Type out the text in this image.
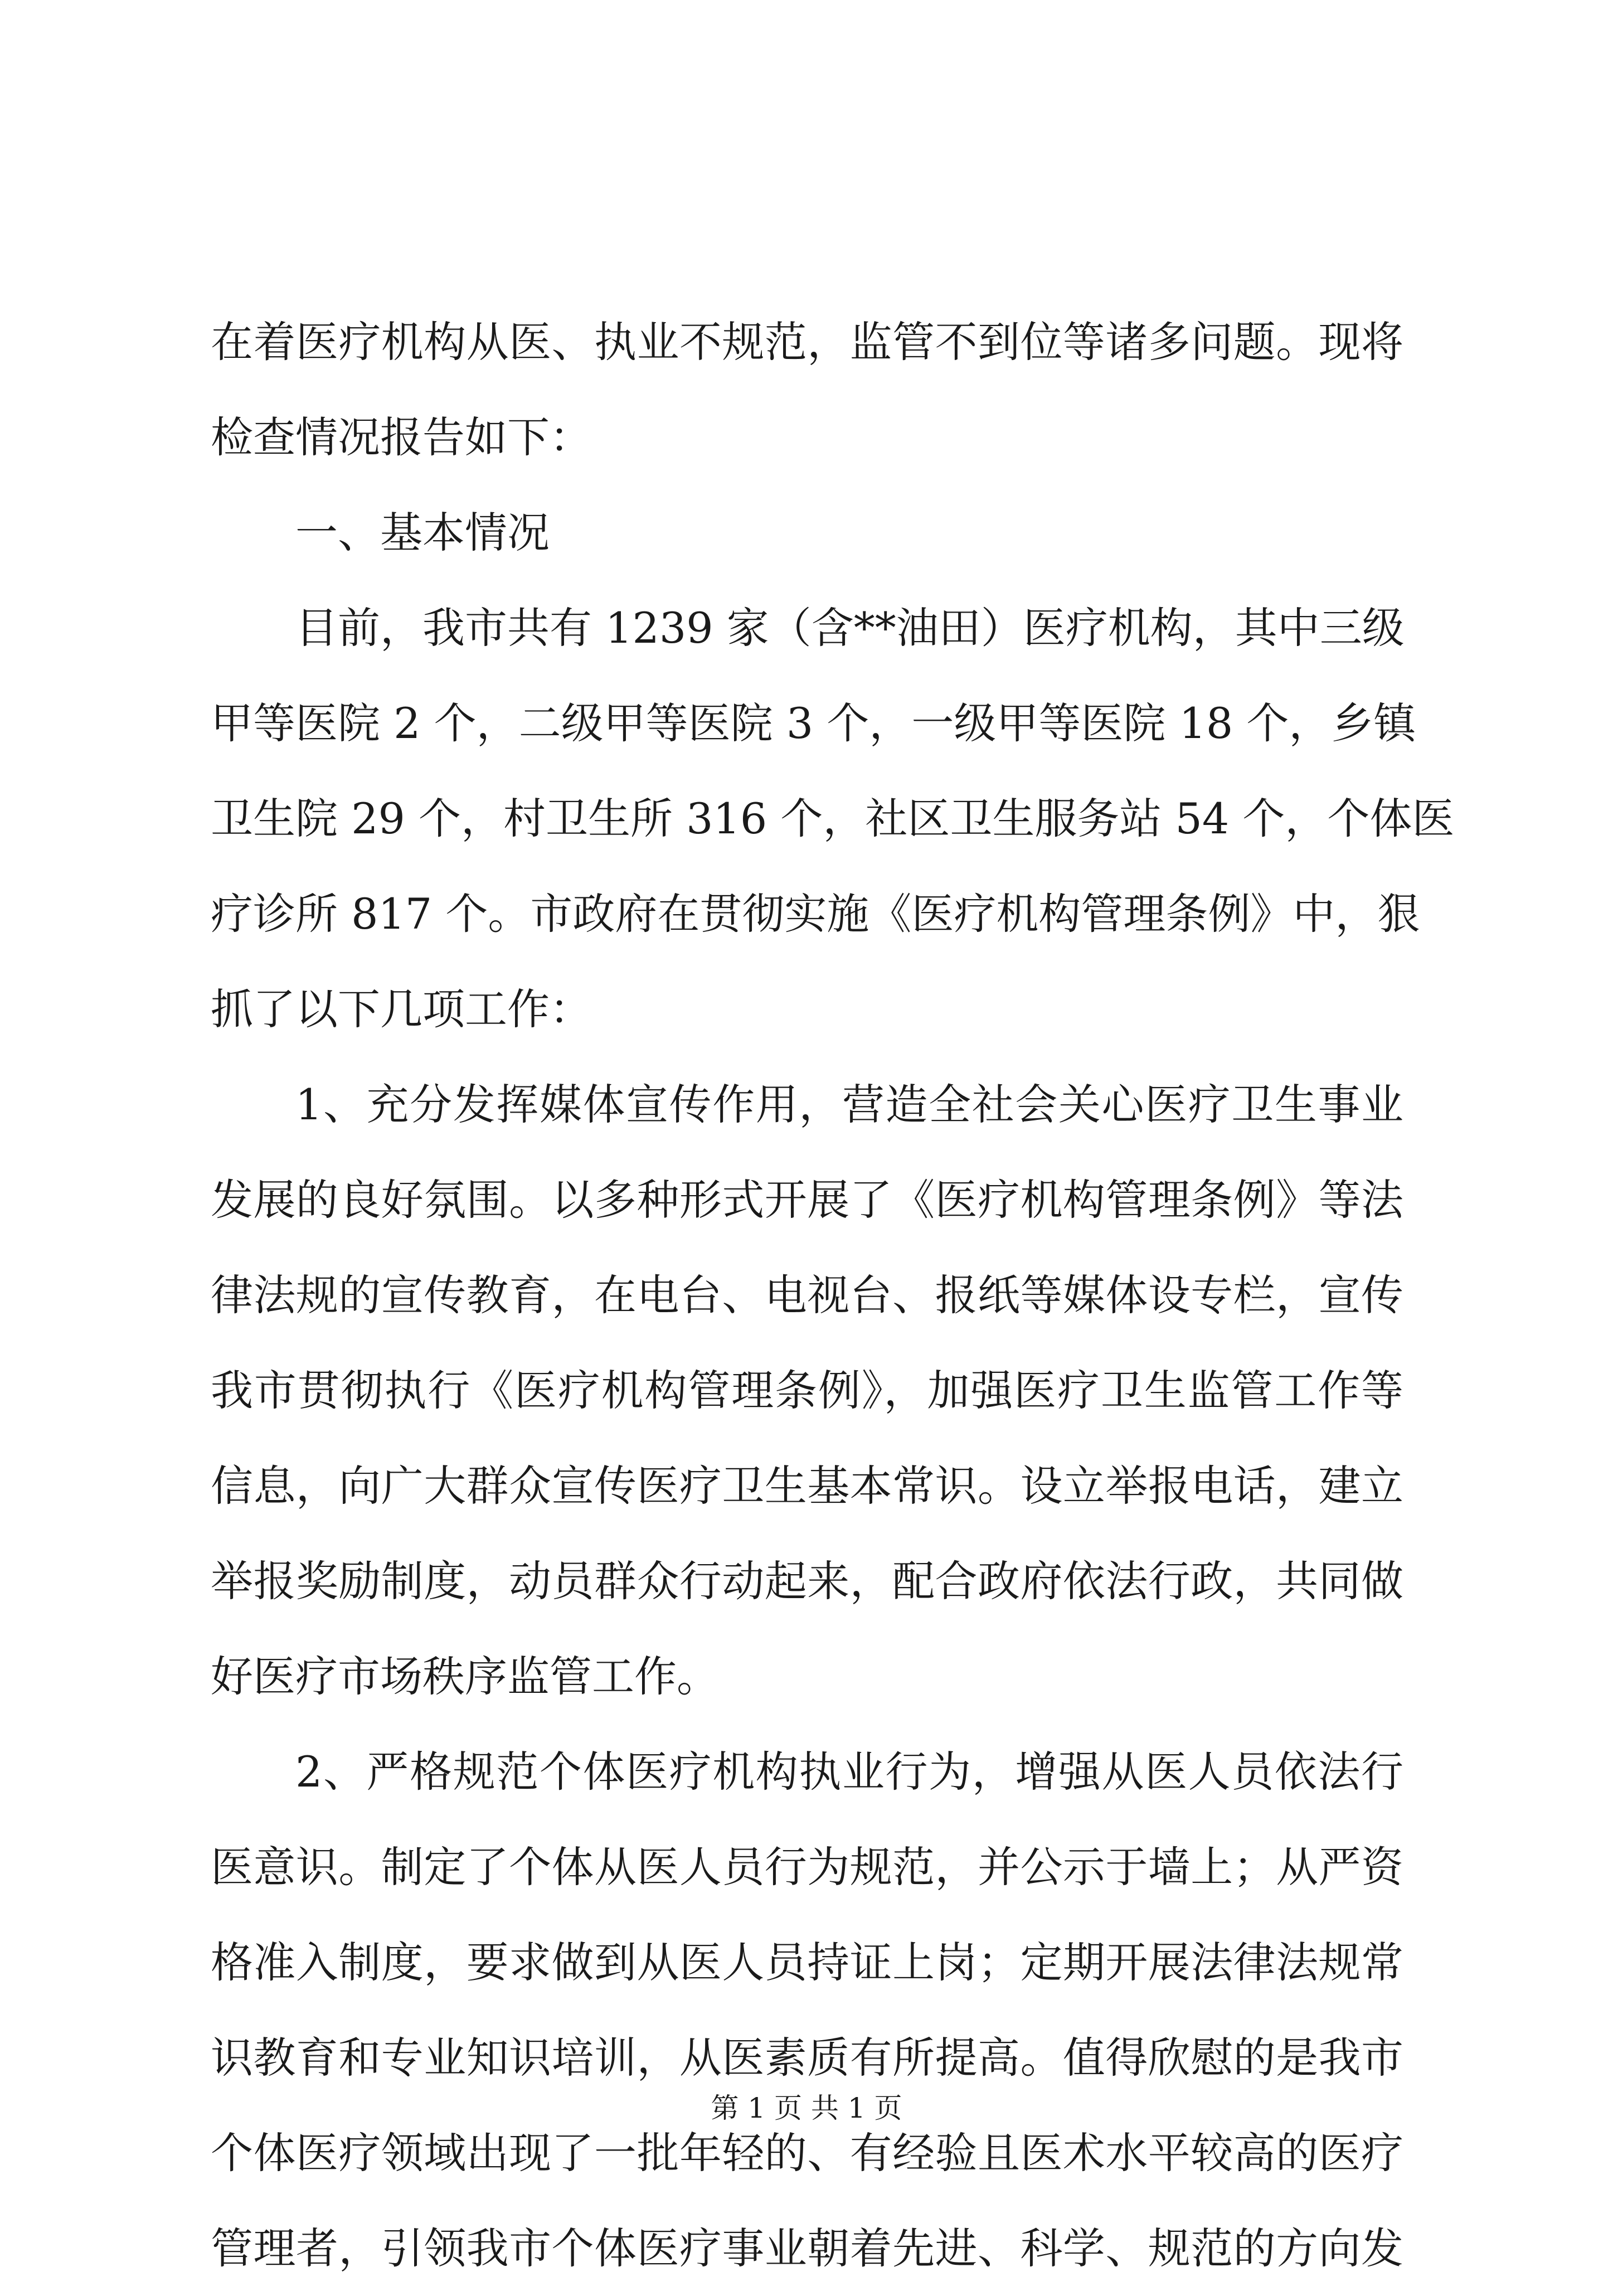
在着医疗机构从医、执业不规范，监管不到位等诸多问题。现将
检查情况报告如下：
一、基本情况
目前，我市共有 1239 家（含**油田）医疗机构，其中三级
甲等医院 2 个，二级甲等医院 3 个，一级甲等医院 18 个，乡镇
卫生院 29 个，村卫生所 316 个，社区卫生服务站 54 个，个体医
疗诊所 817 个。市政府在贯彻实施《医疗机构管理条例》中，狠
抓了以下几项工作：
1、充分发挥媒体宣传作用，营造全社会关心医疗卫生事业
发展的良好氛围。以多种形式开展了《医疗机构管理条例》等法
律法规的宣传教育，在电台、电视台、报纸等媒体设专栏，宣传
我市贯彻执行《医疗机构管理条例》，加强医疗卫生监管工作等
信息，向广大群众宣传医疗卫生基本常识。设立举报电话，建立
举报奖励制度，动员群众行动起来，配合政府依法行政，共同做
好医疗市场秩序监管工作。
2、严格规范个体医疗机构执业行为，增强从医人员依法行
医意识。制定了个体从医人员行为规范，并公示于墙上；从严资
格准入制度，要求做到从医人员持证上岗；定期开展法律法规常
识教育和专业知识培训，从医素质有所提高。值得欣慰的是我市
个体医疗领域出现了一批年轻的、有经验且医术水平较高的医疗
管理者，引领我市个体医疗事业朝着先进、科学、规范的方向发
第 1 页 共 1 页
